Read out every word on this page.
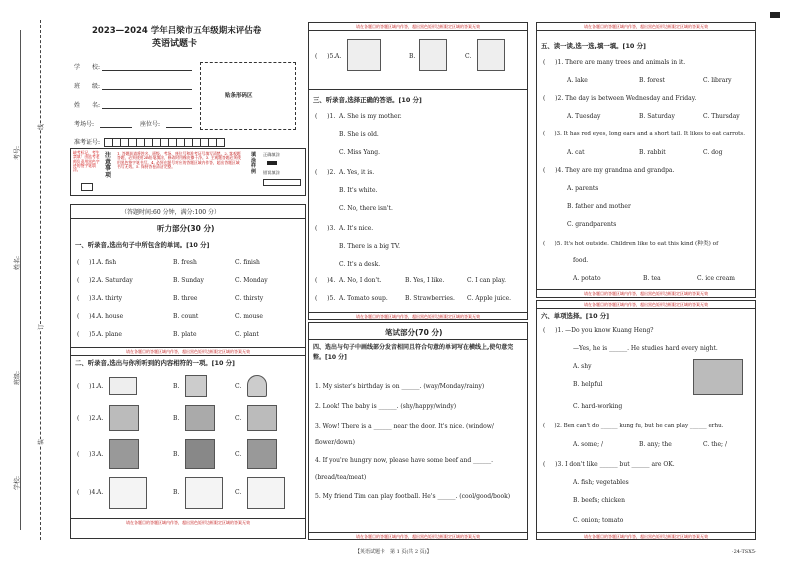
考号:
姓名:
班级:
学校:
线
订
装
2023—2024 学年吕梁市五年级期末评估卷
英语试题卡
学　　校:
班　　级:
姓　　名:
考场号:	座位号:
准考证号:
贴条形码区
缺考标记，考生禁填！由监考老师负责用黑色字迹的签字笔填涂。
注意事项
1. 答题前请将姓名、班级、考场、座位号和准考证号填写清楚。2. 客观题答题，必须使用2B铅笔填涂，修改时用橡皮擦干净。3. 主观题答题必须使用黑色签字笔书写。4. 必须在题号对应的答题区域内作答，超出答题区域书写无效。5. 保持答卷清洁完整。
填涂样例
正确填涂
错误填涂
（答题时间:60 分钟，满分:100 分）
听力部分(30 分)
一、听录音,选出句子中所包含的单词。[10 分]
( 　 )1. A. fish	B. fresh	C. finish
( 　 )2. A. Saturday	B. Sunday	C. Monday
( 　 )3. A. thirty	B. three	C. thirsty
( 　 )4. A. house	B. count	C. mouse
( 　 )5. A. plane	B. plate	C. plant
请在各题目的答题区域内作答，超出黑色矩形边框限定区域的答案无效
二、听录音,选出与你所听到的内容相符的一项。[10 分]
( 　 )1. A.	B.	C.
( 　 )2. A.	B.	C.
( 　 )3. A.	B.	C.
( 　 )4. A.	B.	C.
请在各题目的答题区域内作答，超出黑色矩形边框限定区域的答案无效
请在各题目的答题区域内作答，超出黑色矩形边框限定区域的答案无效
( 　 )5. A.	B.	C.
三、听录音,选择正确的答语。[10 分]
( 　 )1. A. She is my mother.
B. She is old.
C. Miss Yang.
( 　 )2. A. Yes, it is.
B. It's white.
C. No, there isn't.
( 　 )3. A. It's nice.
B. There is a big TV.
C. It's a desk.
( 　 )4. A. No, I don't.	B. Yes, I like.	C. I can play.
( 　 )5. A. Tomato soup.	B. Strawberries. C. Apple juice.
请在各题目的答题区域内作答，超出黑色矩形边框限定区域的答案无效
笔试部分(70 分)
四、选出与句子中画线部分发音相同且符合句意的单词写在横线上,使句意完整。[10 分]
1. My sister's birthday is on ______. (way/Monday/rainy)
2. Look! The baby is ______. (shy/happy/windy)
3. Wow! There is a ______ near the door. It's nice. (window/
flower/down)
4. If you're hungry now, please have some beef and ______.
(bread/tea/meat)
5. My friend Tim can play football. He's ______. (cool/good/book)
请在各题目的答题区域内作答，超出黑色矩形边框限定区域的答案无效
请在各题目的答题区域内作答，超出黑色矩形边框限定区域的答案无效
五、读一读,选一选,填一填。[10 分]
( 　 )1. There are many trees and animals in it.
A. lake	B. forest	C. library
( 　 )2. The day is between Wednesday and Friday.
A. Tuesday	B. Saturday	C. Thursday
( 　 )3. It has red eyes, long ears and a short tail. It likes to eat carrots.
A. cat	B. rabbit	C. dog
( 　 )4. They are my grandma and grandpa.
A. parents
B. father and mother
C. grandparents
( 　 )5. It's hot outside. Children like to eat this kind (种类) of
food.
A. potato	B. tea	C. ice cream
请在各题目的答题区域内作答，超出黑色矩形边框限定区域的答案无效
请在各题目的答题区域内作答，超出黑色矩形边框限定区域的答案无效
六、单项选择。[10 分]
( 　 )1. —Do you know Kuang Heng?
—Yes, he is ______. He studies hard every night.
A. shy
B. helpful
C. hard-working
( 　 )2. Ben can't do ______ kung fu, but he can play ______ erhu.
A. some; /	B. any; the	C. the; /
( 　 )3. I don't like ______ but ______ are OK.
A. fish; vegetables
B. beefs; chicken
C. onion; tomato
请在各题目的答题区域内作答，超出黑色矩形边框限定区域的答案无效
【英语试题卡　第 1 页(共 2 页)】	·24-TSX5·
